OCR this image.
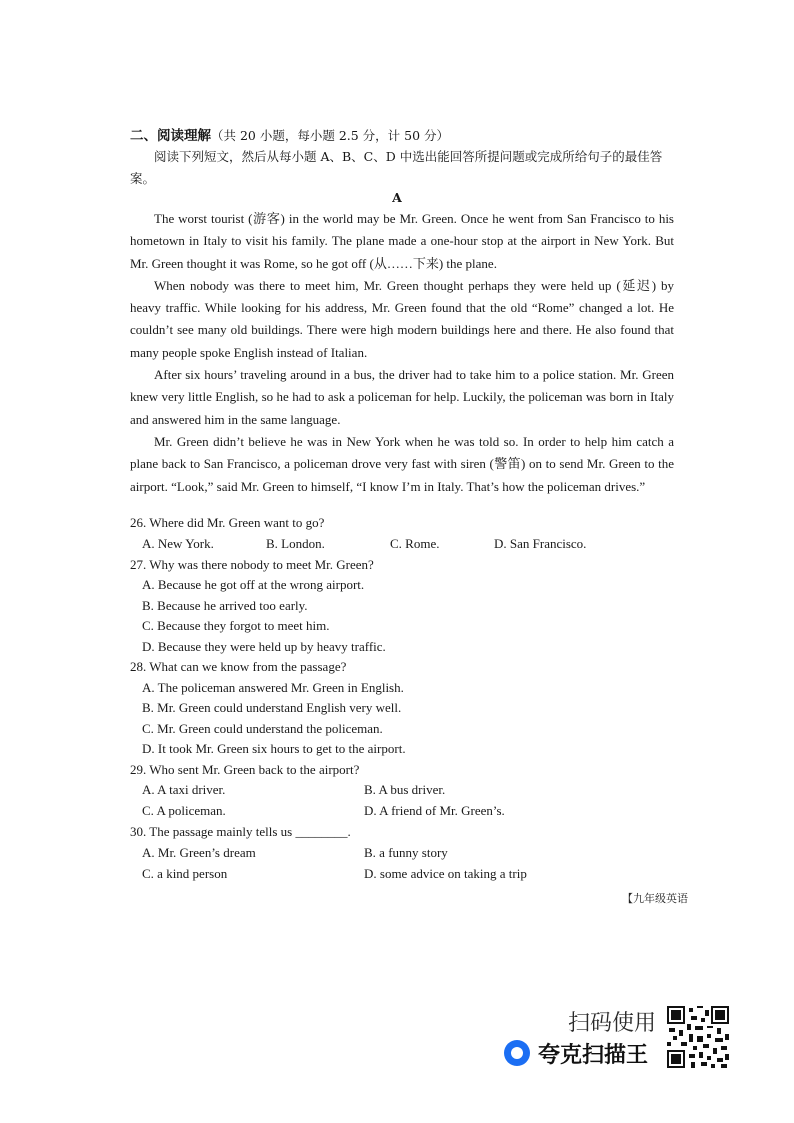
二、阅读理解（共 20 小题，每小题 2.5 分，计 50 分）
阅读下列短文，然后从每小题 A、B、C、D 中选出能回答所提问题或完成所给句子的最佳答案。
A

The worst tourist (游客) in the world may be Mr. Green. Once he went from San Francisco to his hometown in Italy to visit his family. The plane made a one-hour stop at the airport in New York. But Mr. Green thought it was Rome, so he got off (从……下来) the plane.

When nobody was there to meet him, Mr. Green thought perhaps they were held up (延迟) by heavy traffic. While looking for his address, Mr. Green found that the old “Rome” changed a lot. He couldn’t see many old buildings. There were high modern buildings here and there. He also found that many people spoke English instead of Italian.

After six hours’ traveling around in a bus, the driver had to take him to a police station. Mr. Green knew very little English, so he had to ask a policeman for help. Luckily, the policeman was born in Italy and answered him in the same language.

Mr. Green didn’t believe he was in New York when he was told so. In order to help him catch a plane back to San Francisco, a policeman drove very fast with siren (警笛) on to send Mr. Green to the airport. “Look,” said Mr. Green to himself, “I know I’m in Italy. That’s how the policeman drives.”

26. Where did Mr. Green want to go?
A. New York.	B. London.	C. Rome.	D. San Francisco.
27. Why was there nobody to meet Mr. Green?
A. Because he got off at the wrong airport.
B. Because he arrived too early.
C. Because they forgot to meet him.
D. Because they were held up by heavy traffic.
28. What can we know from the passage?
A. The policeman answered Mr. Green in English.
B. Mr. Green could understand English very well.
C. Mr. Green could understand the policeman.
D. It took Mr. Green six hours to get to the airport.
29. Who sent Mr. Green back to the airport?
A. A taxi driver.	B. A bus driver.
C. A policeman.	D. A friend of Mr. Green’s.
30. The passage mainly tells us ________.
A. Mr. Green’s dream	B. a funny story
C. a kind person	D. some advice on taking a trip
【九年级英语
扫码使用
夸克扫描王
